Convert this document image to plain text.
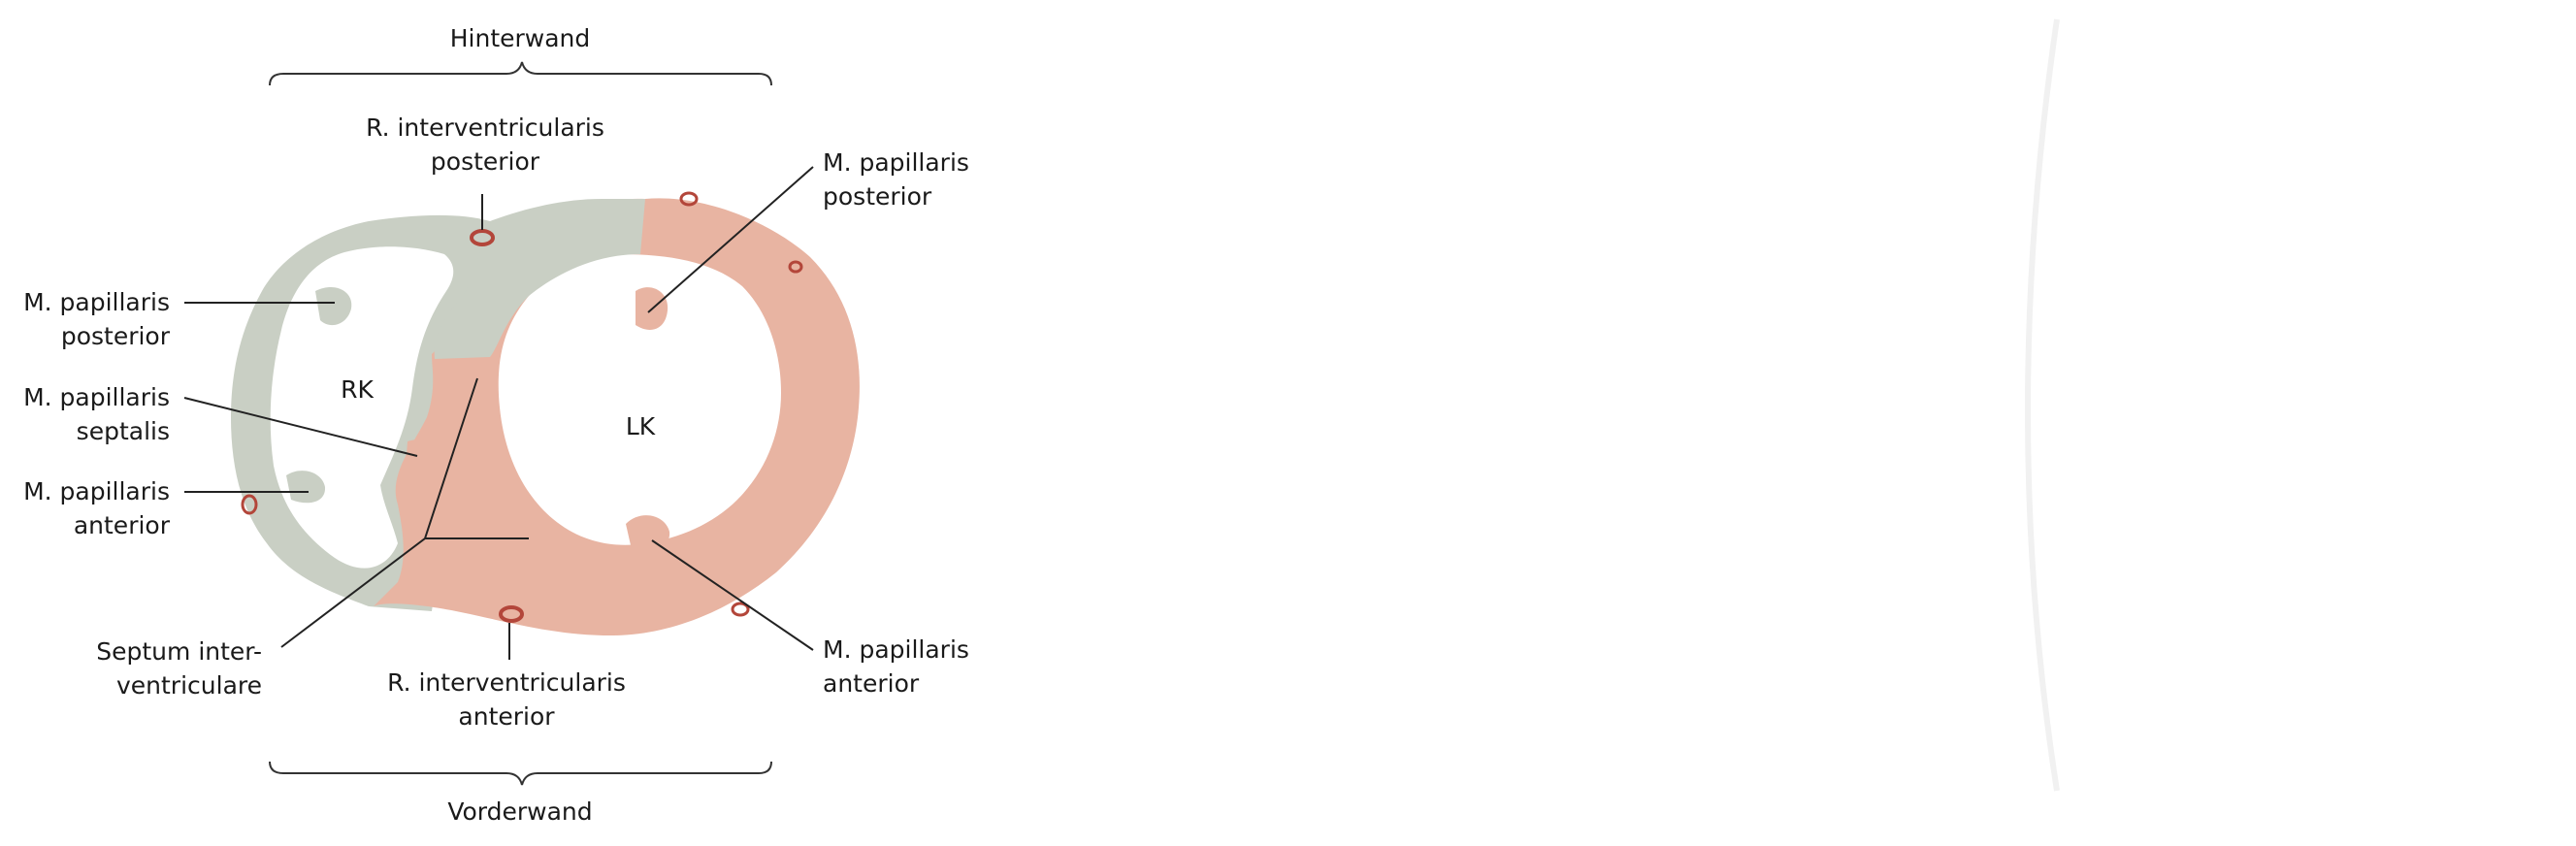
Hinterwand
Vorderwand
RK
LK
R. interventricularis
posterior
M. papillaris
posterior
M. papillaris
septalis
M. papillaris
anterior
Septum inter-
ventriculare	R. interventricularis
anterior
M. papillaris
posterior
M. papillaris
anterior
